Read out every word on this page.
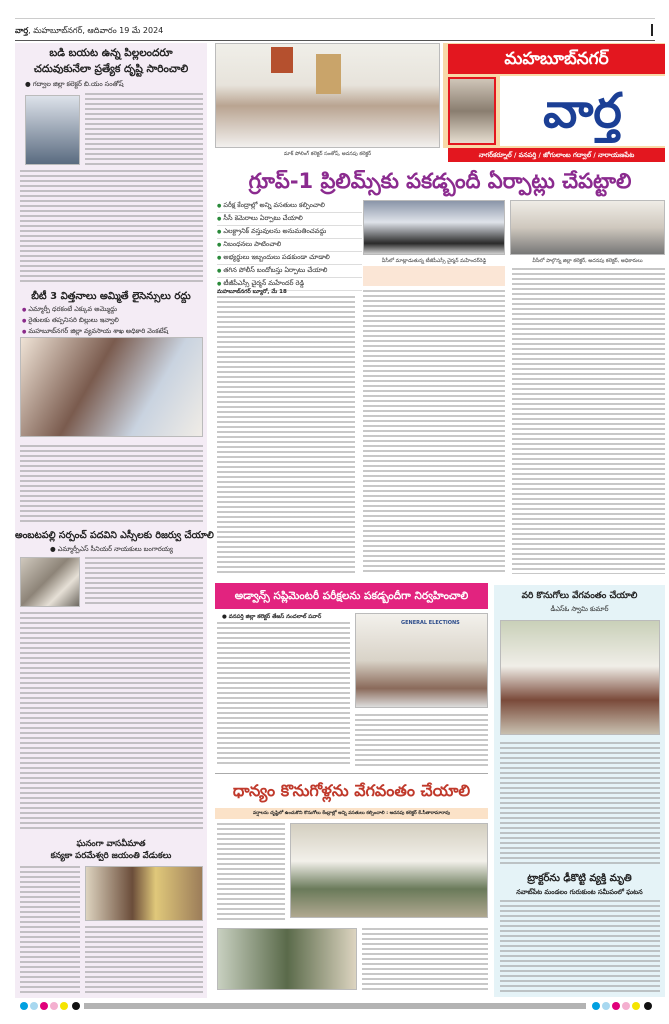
వార్త, మహబూబ్‌నగర్, ఆదివారం 19 మే 2024
బడి బయట ఉన్న పిల్లలందరూ
చదువుకునేలా ప్రత్యేక దృష్టి సారించాలి
● గద్వాల జిల్లా కలెక్టర్ బి.యం సంతోష్
బీటీ 3 విత్తనాలు అమ్మితే లైసెన్సులు రద్దు
● ఎమ్మార్పీ ధరకంటే ఎక్కువ అమ్మొద్దు
● రైతులకు తప్పనిసరి బిల్లులు ఇవ్వాలి
● మహబూబ్‌నగర్ జిల్లా వ్యవసాయ శాఖ అధికారి వెంకటేష్
అంబటపల్లి సర్పంచ్ పదవిని ఎస్సీలకు రిజర్వు చేయాలి
● ఎమ్మార్పీఎస్ సీనియర్ నాయకులు బంగారయ్య
ఘనంగా వాసవీమాత
కన్యకా పరమేశ్వరి జయంతి వేడుకలు
మాక్ పోలింగ్ కలెక్టర్ సంతోష్, అదనపు కలెక్టర్
మహబూబ్‌నగర్
వార్త
నాగర్‌కర్నూల్ / వనపర్తి / జోగులాంబ గద్వాల్ / నారాయణపేట
గ్రూప్-1 ప్రిలిమ్స్‌కు పకడ్బందీ ఏర్పాట్లు చేపట్టాలి
● పరీక్ష కేంద్రాల్లో అన్ని వసతులు కల్పించాలి
● సీసీ కెమెరాలు ఏర్పాటు చేయాలి
● ఎలక్ట్రానిక్ వస్తువులను అనుమతించవద్దు
● నిబంధనలు పాటించాలి
● అభ్యర్థులు ఇబ్బందులు పడకుండా చూడాలి
● తగిన పోలీస్ బందోబస్తు ఏర్పాటు చేయాలి
● టీజీపీఎస్సీ చైర్మన్ మహేందర్ రెడ్డి
వీసీలో మాట్లాడుతున్న టీజీపీఎస్సీ చైర్మన్ మహేందర్‌రెడ్డి	వీసీలో పాల్గొన్న జిల్లా కలెక్టర్, అదనపు కలెక్టర్, అధికారులు
మహబూబ్‌నగర్ బ్యూరో, మే 18
అడ్వాన్స్ సప్లిమెంటరీ పరీక్షలను పకడ్బందీగా నిర్వహించాలి
● వనపర్తి జిల్లా కలెక్టర్ తేజస్ నందలాల్ పవార్
GENERAL ELECTIONS
వరి కొనుగోలు వేగవంతం చేయాలి
డీఎస్ఓ స్వామి కుమార్
ట్రాక్టర్‌ను ఢీకొట్టి వ్యక్తి మృతి
నవాబ్‌పేట మండలం గురుకుంట సమీపంలో ఘటన
ధాన్యం కొనుగోళ్లను వేగవంతం చేయాలి
వర్షాలను దృష్టిలో ఉంచుకొని కొనుగోలు కేంద్రాల్లో అన్ని వసతులు కల్పించాలి : అదనపు కలెక్టర్ కే.సీతారామారావు
